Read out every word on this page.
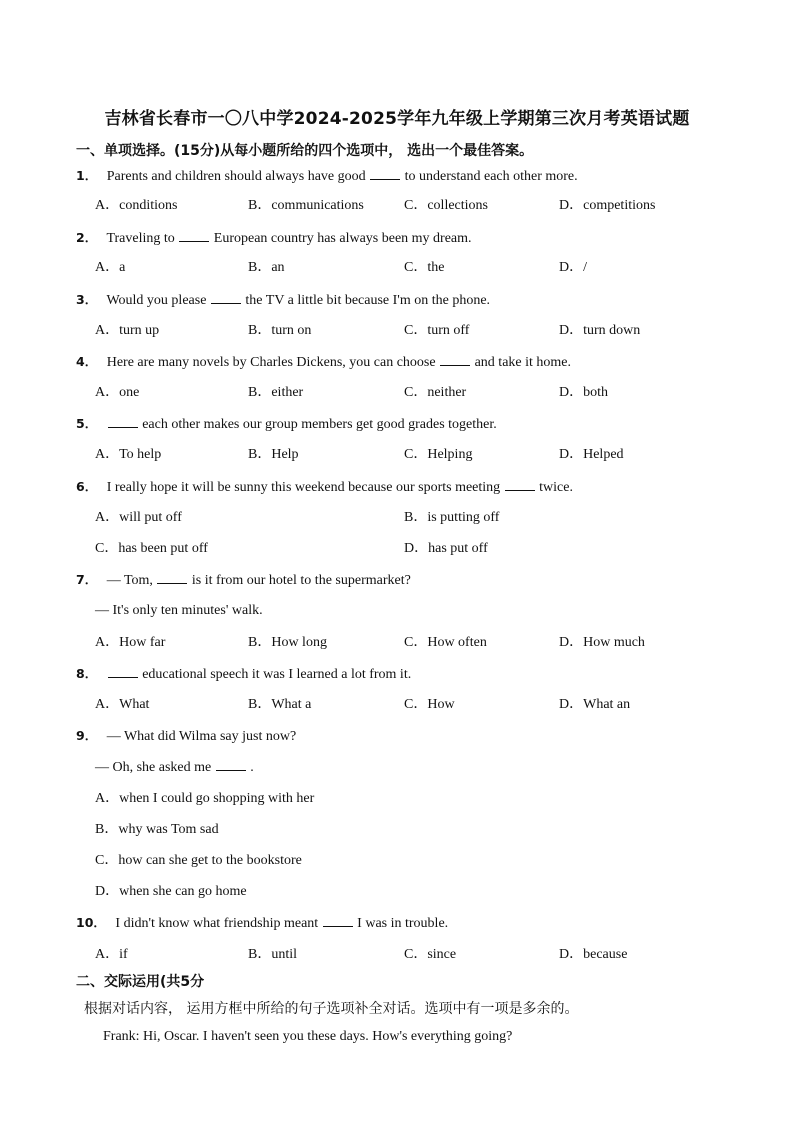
吉林省长春市一〇八中学2024-2025学年九年级上学期第三次月考英语试题
一、单项选择。(15分)从每小题所给的四个选项中， 选出一个最佳答案。
1． Parents and children should always have good	to understand each other more.
A．conditions	B．communications	C．collections	D．competitions
2． Traveling to	European country has always been my dream.
A．a	B．an	C．the	D．/
3． Would you please	the TV a little bit because I'm on the phone.
A．turn up	B．turn on	C．turn off	D．turn down
4． Here are many novels by Charles Dickens, you can choose	and take it home.
A．one	B．either	C．neither	D．both
5．	each other makes our group members get good grades together.
A．To help	B．Help	C．Helping	D．Helped
6． I really hope it will be sunny this weekend because our sports meeting	twice.
A．will put off	B．is putting off
C．has been put off	D．has put off
7． — Tom,	is it from our hotel to the supermarket?
— It's only ten minutes' walk.
A．How far	B．How long	C．How often	D．How much
8．	educational speech it was I learned a lot from it.
A．What	B．What a	C．How	D．What an
9． — What did Wilma say just now?
— Oh, she asked me	.
A．when I could go shopping with her
B．why was Tom sad
C．how can she get to the bookstore
D．when she can go home
10． I didn't know what friendship meant	I was in trouble.
A．if	B．until	C．since	D．because
二、交际运用(共5分
根据对话内容， 运用方框中所给的句子选项补全对话。选项中有一项是多余的。
Frank: Hi, Oscar. I haven't seen you these days. How's everything going?
